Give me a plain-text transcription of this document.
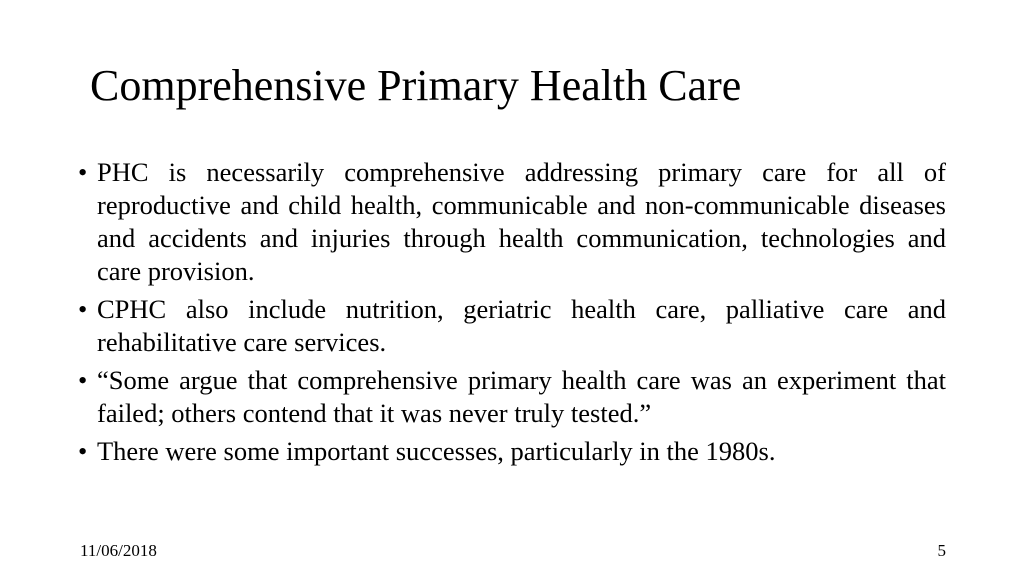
Comprehensive Primary Health Care
• PHC is necessarily comprehensive addressing primary care for all of reproductive and child health, communicable and non-communicable diseases and accidents and injuries through health communication, technologies and care provision.
• CPHC also include nutrition, geriatric health care, palliative care and rehabilitative care services.
• “Some argue that comprehensive primary health care was an experiment that failed; others contend that it was never truly tested.”
• There were some important successes, particularly in the 1980s.
11/06/2018	5
